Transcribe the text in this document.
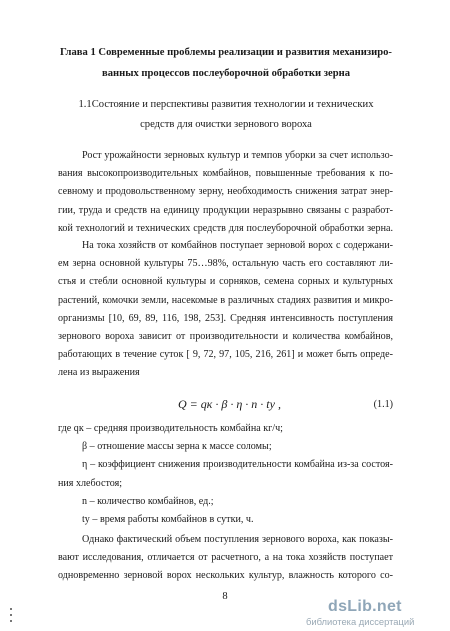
Глава 1 Современные проблемы реализации и развития механизиро-
ванных процессов послеуборочной обработки зерна
1.1Состояние и перспективы развития технологии и технических
средств для очистки зернового вороха
Рост урожайности зерновых культур и темпов уборки за счет использо-
вания высокопроизводительных комбайнов, повышенные требования к по-
севному и продовольственному зерну, необходимость снижения затрат энер-
гии, труда и средств на единицу продукции неразрывно связаны с разработ-
кой технологий и технических средств для послеуборочной обработки зерна.
На тока хозяйств от комбайнов поступает зерновой ворох с содержани-
ем зерна основной культуры 75…98%, остальную часть его составляют ли-
стья и стебли основной культуры и сорняков, семена сорных и культурных
растений, комочки земли, насекомые в различных стадиях развития и микро-
организмы [10, 69, 89, 116, 198, 253]. Средняя интенсивность поступления
зернового вороха зависит от производительности и количества комбайнов,
работающих в течение суток [ 9, 72, 97, 105, 216, 261] и может быть опреде-
лена из выражения
Q = qк · β · η · n · tу ,	(1.1)
где qк – средняя производительность комбайна кг/ч;
β – отношение массы зерна к массе соломы;
η – коэффициент снижения производительности комбайна из-за состоя-
ния хлебостоя;
n – количество комбайнов, ед.;
tу – время работы комбайнов в сутки, ч.
Однако фактический объем поступления зернового вороха, как показы-
вают исследования, отличается от расчетного, а на тока хозяйств поступает
одновременно зерновой ворох нескольких культур, влажность которого со-
8
dsLib.net
библиотека диссертаций
